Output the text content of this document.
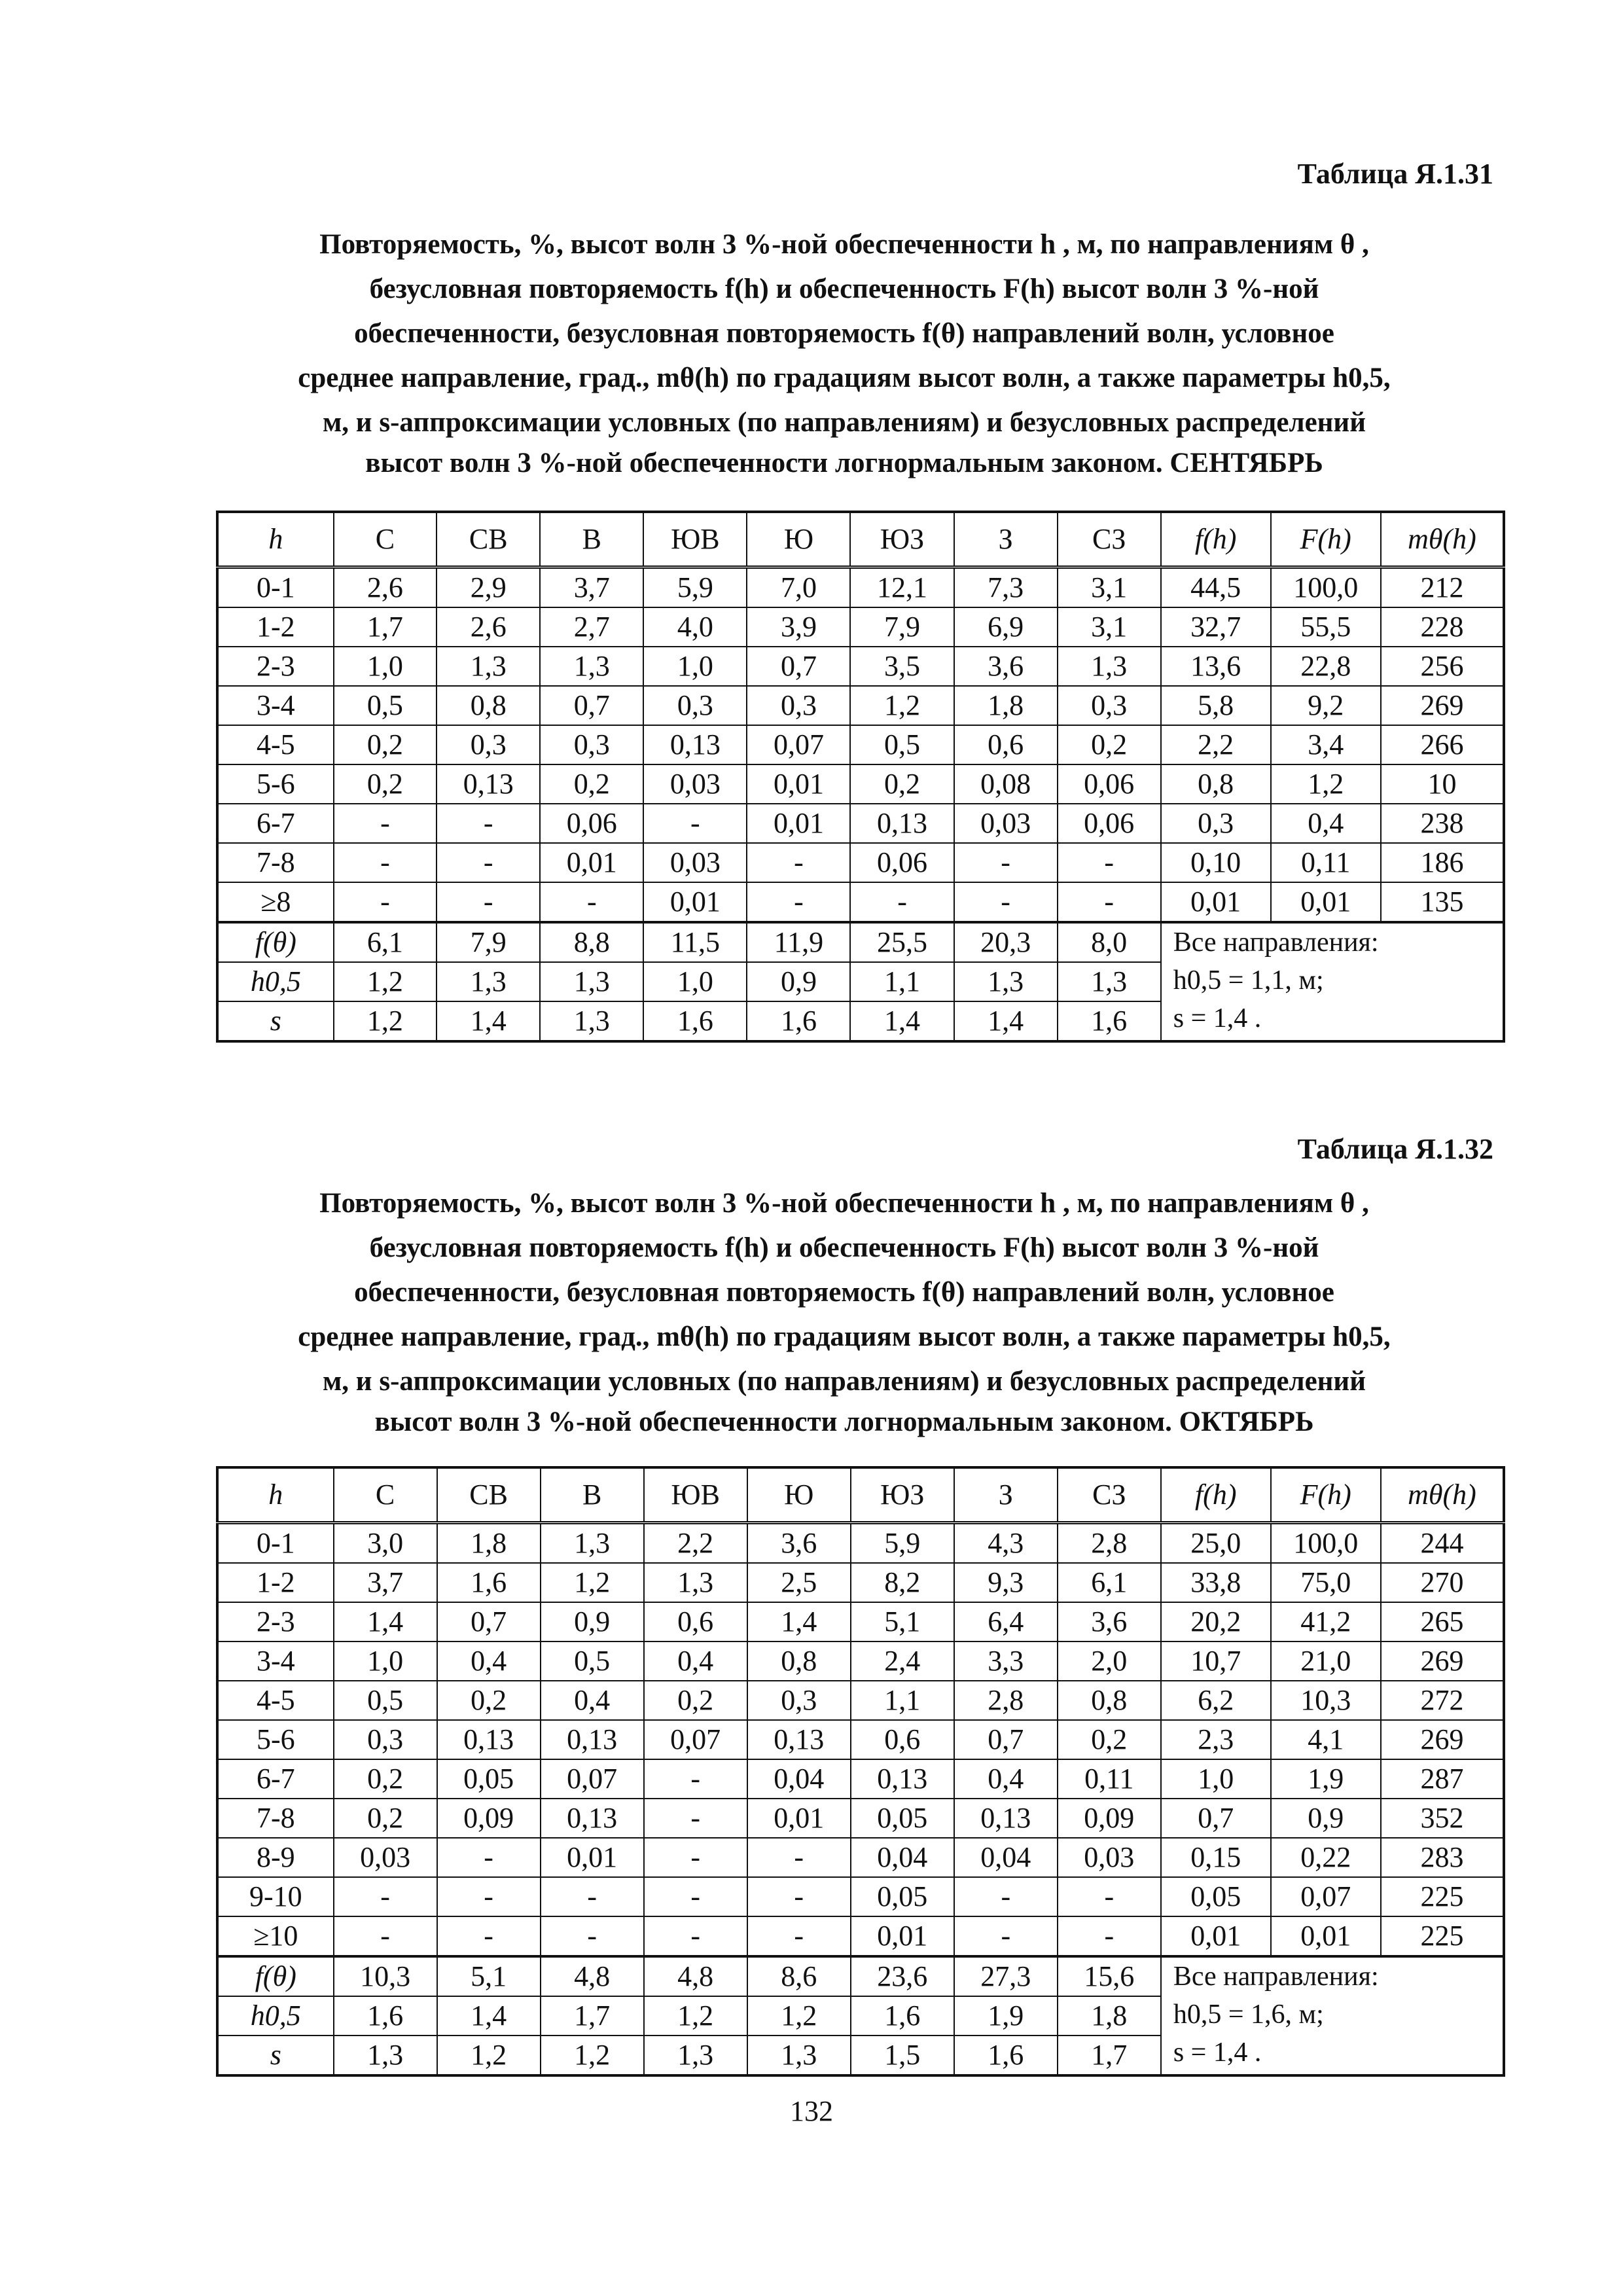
Таблица Я.1.31
Повторяемость, %, высот волн 3 %-ной обеспеченности h , м, по направлениям θ ,
безусловная повторяемость f(h) и обеспеченность F(h) высот волн 3 %-ной
обеспеченности, безусловная повторяемость f(θ) направлений волн, условное
среднее направление, град., mθ(h) по градациям высот волн, а также параметры h0,5,
м, и s-аппроксимации условных (по направлениям) и безусловных распределений
высот волн 3 %-ной обеспеченности логнормальным законом. СЕНТЯБРЬ
h	С	СВ	В	ЮВ	Ю	ЮЗ	З	СЗ	f(h)	F(h)	mθ(h)
0-1	2,6	2,9	3,7	5,9	7,0	12,1	7,3	3,1	44,5	100,0	212
1-2	1,7	2,6	2,7	4,0	3,9	7,9	6,9	3,1	32,7	55,5	228
2-3	1,0	1,3	1,3	1,0	0,7	3,5	3,6	1,3	13,6	22,8	256
3-4	0,5	0,8	0,7	0,3	0,3	1,2	1,8	0,3	5,8	9,2	269
4-5	0,2	0,3	0,3	0,13	0,07	0,5	0,6	0,2	2,2	3,4	266
5-6	0,2	0,13	0,2	0,03	0,01	0,2	0,08	0,06	0,8	1,2	10
6-7	-	-	0,06	-	0,01	0,13	0,03	0,06	0,3	0,4	238
7-8	-	-	0,01	0,03	-	0,06	-	-	0,10	0,11	186
≥8	-	-	-	0,01	-	-	-	-	0,01	0,01	135
f(θ)	6,1	7,9	8,8	11,5	11,9	25,5	20,3	8,0	Все направления:
h0,5 = 1,1, м;
s = 1,4 .		

h0,5	1,2	1,3	1,3	1,0	0,9	1,1	1,3	1,3			
s	1,2	1,4	1,3	1,6	1,6	1,4	1,4	1,6			
Таблица Я.1.32
Повторяемость, %, высот волн 3 %-ной обеспеченности h , м, по направлениям θ ,
безусловная повторяемость f(h) и обеспеченность F(h) высот волн 3 %-ной
обеспеченности, безусловная повторяемость f(θ) направлений волн, условное
среднее направление, град., mθ(h) по градациям высот волн, а также параметры h0,5,
м, и s-аппроксимации условных (по направлениям) и безусловных распределений
высот волн 3 %-ной обеспеченности логнормальным законом. ОКТЯБРЬ
h	С	СВ	В	ЮВ	Ю	ЮЗ	З	СЗ	f(h)	F(h)	mθ(h)
0-1	3,0	1,8	1,3	2,2	3,6	5,9	4,3	2,8	25,0	100,0	244
1-2	3,7	1,6	1,2	1,3	2,5	8,2	9,3	6,1	33,8	75,0	270
2-3	1,4	0,7	0,9	0,6	1,4	5,1	6,4	3,6	20,2	41,2	265
3-4	1,0	0,4	0,5	0,4	0,8	2,4	3,3	2,0	10,7	21,0	269
4-5	0,5	0,2	0,4	0,2	0,3	1,1	2,8	0,8	6,2	10,3	272
5-6	0,3	0,13	0,13	0,07	0,13	0,6	0,7	0,2	2,3	4,1	269
6-7	0,2	0,05	0,07	-	0,04	0,13	0,4	0,11	1,0	1,9	287
7-8	0,2	0,09	0,13	-	0,01	0,05	0,13	0,09	0,7	0,9	352
8-9	0,03	-	0,01	-	-	0,04	0,04	0,03	0,15	0,22	283
9-10	-	-	-	-	-	0,05	-	-	0,05	0,07	225
≥10	-	-	-	-	-	0,01	-	-	0,01	0,01	225
f(θ)	10,3	5,1	4,8	4,8	8,6	23,6	27,3	15,6	Все направления:
h0,5 = 1,6, м;
s = 1,4 .		

h0,5	1,6	1,4	1,7	1,2	1,2	1,6	1,9	1,8			
s	1,3	1,2	1,2	1,3	1,3	1,5	1,6	1,7			
132
